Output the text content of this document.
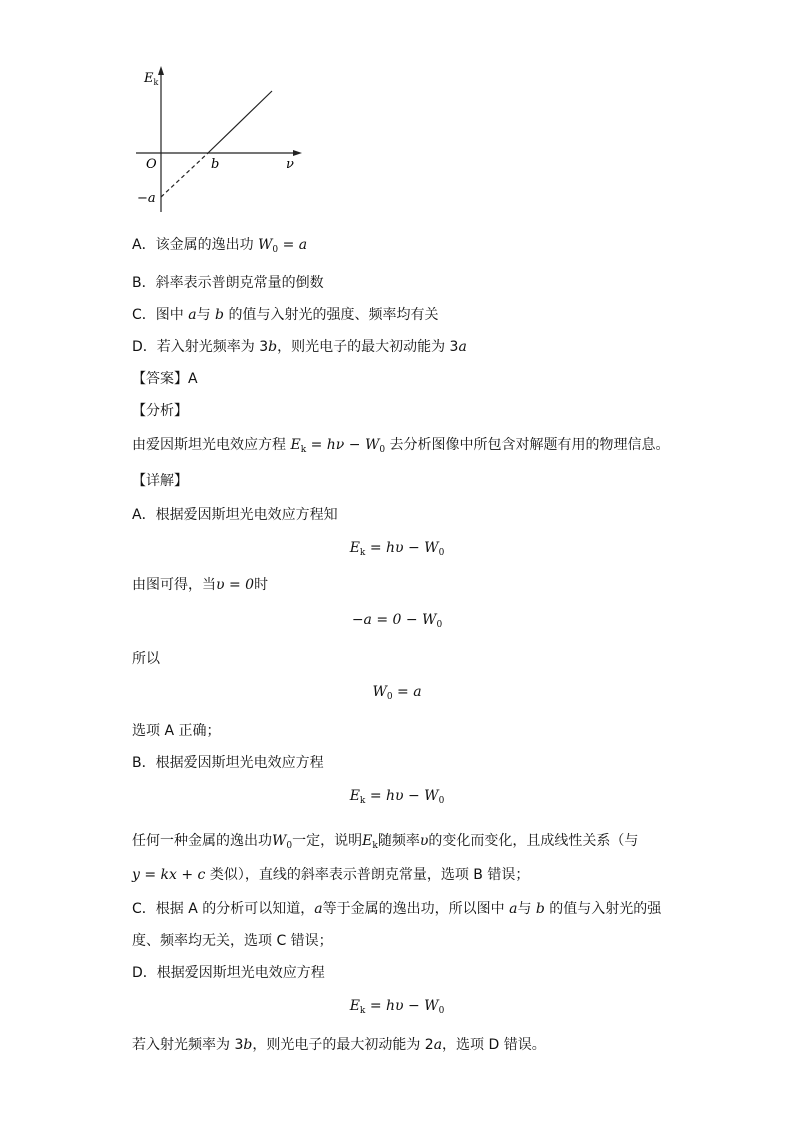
$E_k$
ν
O	b
−a
A．该金属的逸出功 $W_0 = a$
B．斜率表示普朗克常量的倒数
C．图中 a与 b 的值与入射光的强度、频率均有关
D．若入射光频率为 3b，则光电子的最大初动能为 3a
【答案】A
【分析】
由爱因斯坦光电效应方程 $E_k = h\nu - W_0$ 去分析图像中所包含对解题有用的物理信息。
【详解】
A．根据爱因斯坦光电效应方程知
$E_k = h\upsilon - W_0$
由图可得，当υ = 0时
$-a = 0 - W_0$
所以
$W_0 = a$
选项 A 正确；
B．根据爱因斯坦光电效应方程
$E_k = h\upsilon - W_0$
任何一种金属的逸出功$W_0$一定，说明$E_k$随频率υ的变化而变化，且成线性关系（与
y = kx + c 类似），直线的斜率表示普朗克常量，选项 B 错误；
C．根据 A 的分析可以知道，a等于金属的逸出功，所以图中 a与 b 的值与入射光的强
度、频率均无关，选项 C 错误；
D．根据爱因斯坦光电效应方程
$E_k = h\upsilon - W_0$
若入射光频率为 3b，则光电子的最大初动能为 2a，选项 D 错误。
